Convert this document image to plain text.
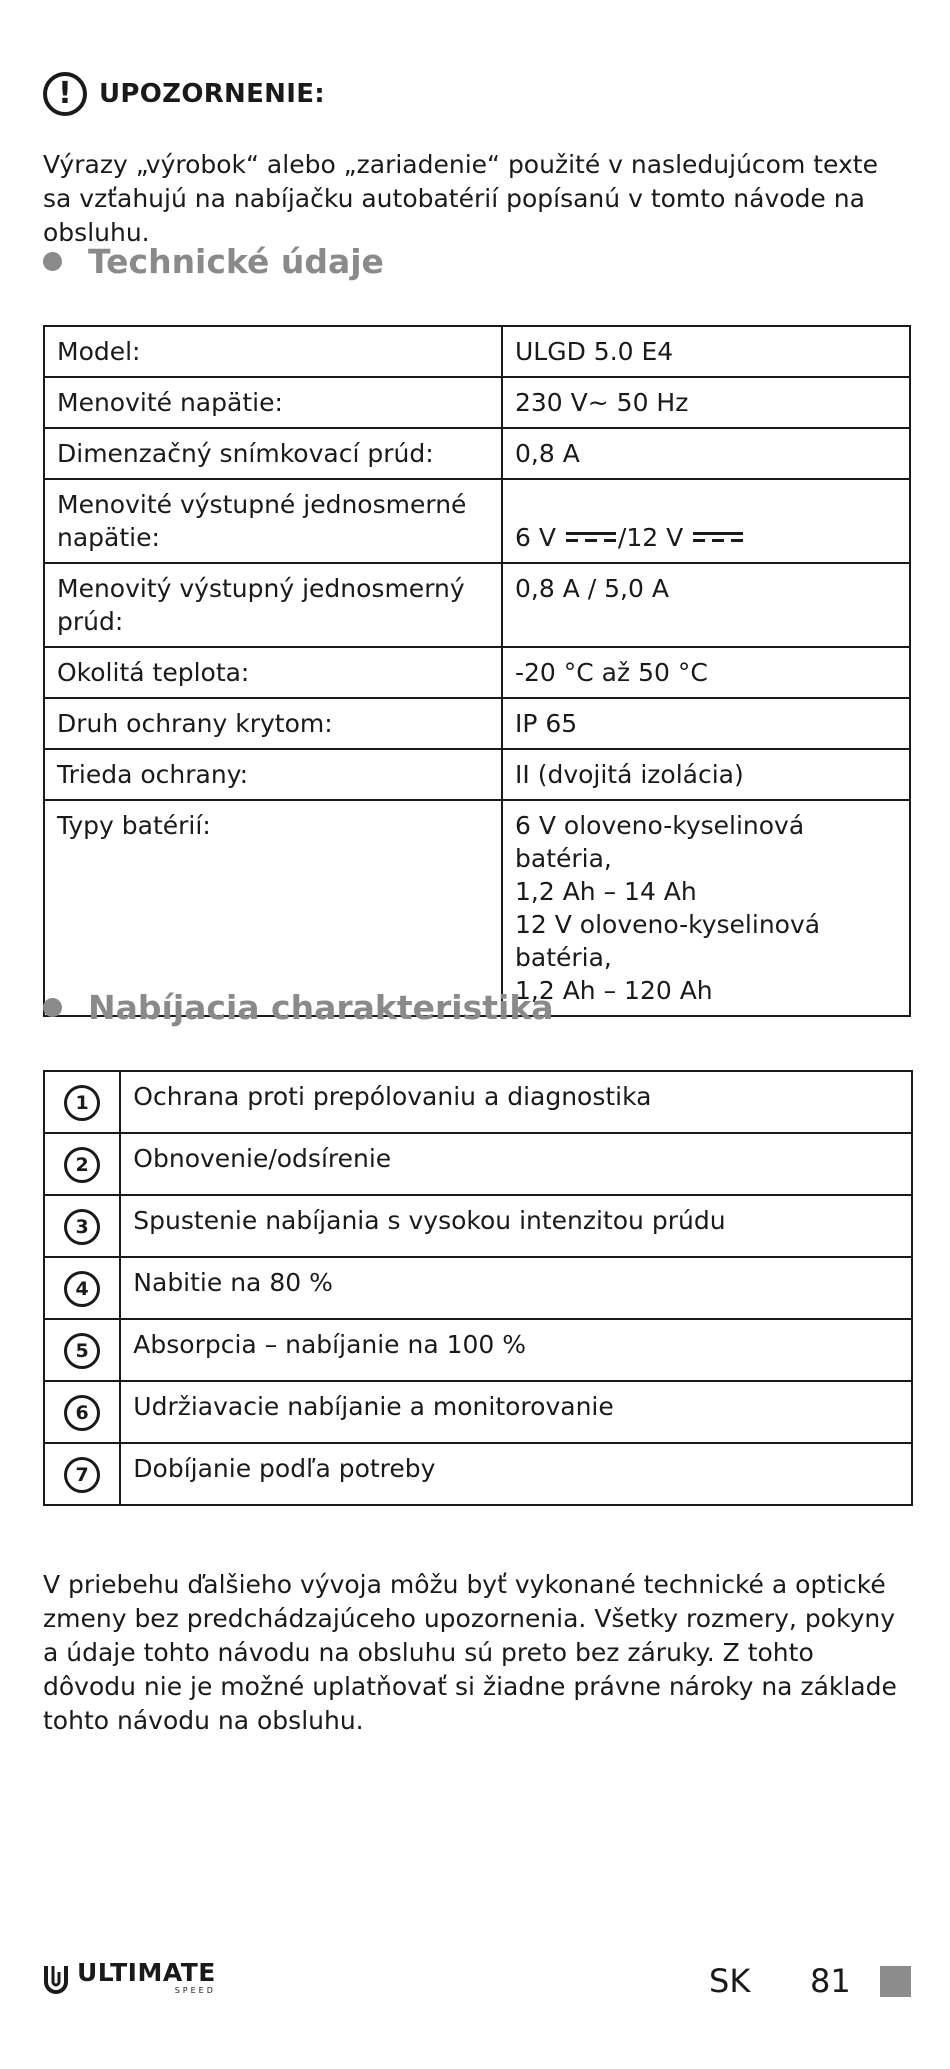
!	UPOZORNENIE:
Výrazy „výrobok“ alebo „zariadenie“ použité v nasledujúcom texte sa vzťahujú na nabíjačku autobatérií popísanú v tomto návode na obsluhu.
Technické údaje
Model:	ULGD 5.0 E4
Menovité napätie:	230 V~ 50 Hz
Dimenzačný snímkovací prúd:	0,8 A
Menovité výstupné jednosmerné napätie:	6 V /12 V
Menovitý výstupný jednosmerný prúd:	0,8 A / 5,0 A
Okolitá teplota:	-20 °C až 50 °C
Druh ochrany krytom:	IP 65
Trieda ochrany:	II (dvojitá izolácia)
Typy batérií:	6 V oloveno-kyselinová batéria,
1,2 Ah – 14 Ah
12 V oloveno-kyselinová batéria,
1,2 Ah – 120 Ah
Nabíjacia charakteristika
1	Ochrana proti prepólovaniu a diagnostika
2	Obnovenie/odsírenie
3	Spustenie nabíjania s vysokou intenzitou prúdu
4	Nabitie na 80 %
5	Absorpcia – nabíjanie na 100 %
6	Udržiavacie nabíjanie a monitorovanie
7	Dobíjanie podľa potreby
V priebehu ďalšieho vývoja môžu byť vykonané technické a optické zmeny bez predchádzajúceho upozornenia. Všetky rozmery, pokyny a údaje tohto návodu na obsluhu sú preto bez záruky. Z tohto dôvodu nie je možné uplatňovať si žiadne právne nároky na základe tohto návodu na obsluhu.
ULTIMATE
SPEED	SK 81
